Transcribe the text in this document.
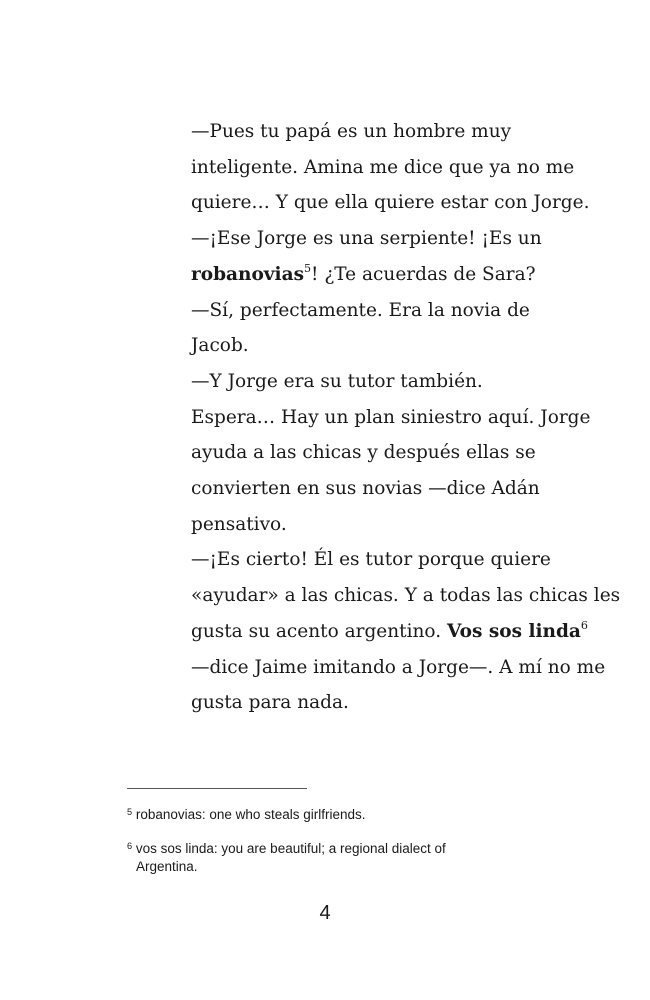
—Pues tu papá es un hombre muy
inteligente. Amina me dice que ya no me
quiere… Y que ella quiere estar con Jorge.

—¡Ese Jorge es una serpiente! ¡Es un
robanovias$^5$! ¿Te acuerdas de Sara?

—Sí, perfectamente. Era la novia de
Jacob.

—Y Jorge era su tutor también.
Espera… Hay un plan siniestro aquí. Jorge
ayuda a las chicas y después ellas se
convierten en sus novias —dice Adán
pensativo.

—¡Es cierto! Él es tutor porque quiere
«ayudar» a las chicas. Y a todas las chicas les
gusta su acento argentino. Vos sos linda$^6$
—dice Jaime imitando a Jorge—. A mí no me
gusta para nada.

$^5$ robanovias: one who steals girlfriends.

$^6$ vos sos linda: you are beautiful; a regional dialect of
Argentina.

4
